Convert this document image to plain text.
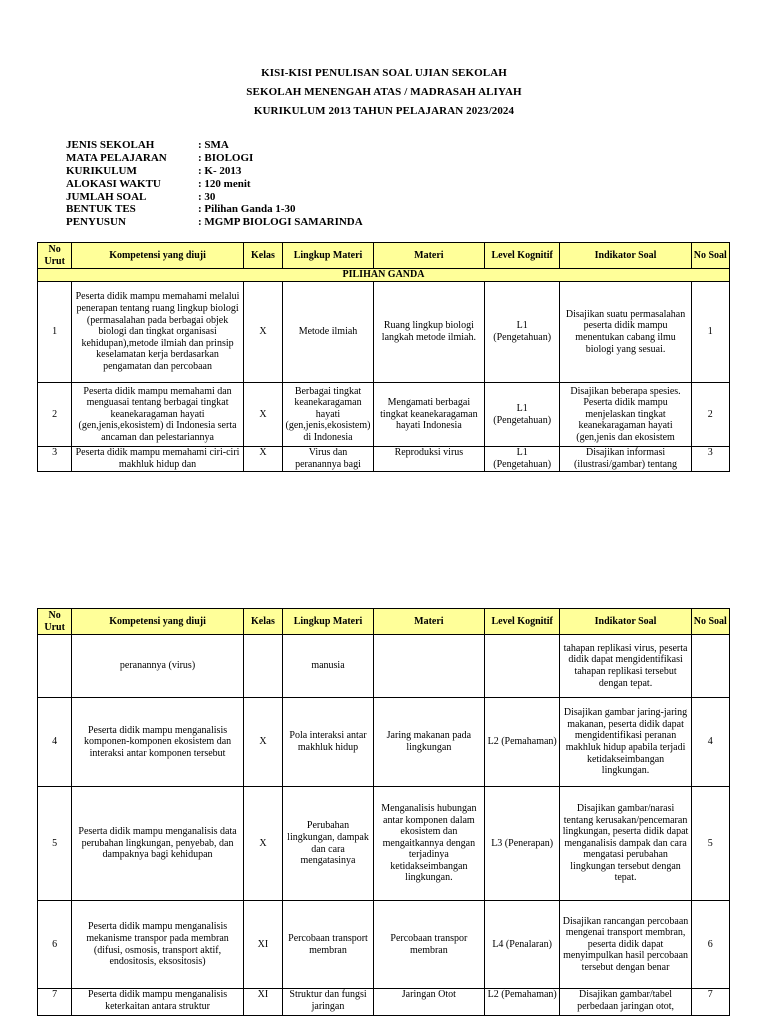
KISI-KISI PENULISAN SOAL UJIAN SEKOLAH
SEKOLAH MENENGAH ATAS / MADRASAH ALIYAH
KURIKULUM 2013 TAHUN PELAJARAN 2023/2024
JENIS SEKOLAH	: SMA
MATA PELAJARAN	: BIOLOGI
KURIKULUM	: K- 2013
ALOKASI WAKTU	: 120 menit
JUMLAH SOAL	: 30
BENTUK TES	: Pilihan Ganda 1-30
PENYUSUN	: MGMP BIOLOGI SAMARINDA
No Urut	Kompetensi yang diuji	Kelas	Lingkup Materi	Materi	Level Kognitif	Indikator Soal	No Soal
PILIHAN GANDA							
1	Peserta didik mampu memahami melalui penerapan tentang ruang lingkup biologi (permasalahan pada berbagai objek biologi dan tingkat organisasi kehidupan),metode ilmiah dan prinsip keselamatan kerja berdasarkan pengamatan dan percobaan	X	Metode ilmiah	Ruang lingkup biologi langkah metode ilmiah.	L1 (Pengetahuan)	Disajikan suatu permasalahan peserta didik mampu menentukan cabang ilmu biologi yang sesuai.	1
2	Peserta didik mampu memahami dan menguasai tentang berbagai tingkat keanekaragaman hayati (gen,jenis,ekosistem) di Indonesia serta ancaman dan pelestariannya	X	Berbagai tingkat keanekaragaman hayati (gen,jenis,ekosistem) di Indonesia	Mengamati berbagai tingkat keanekaragaman hayati Indonesia	L1 (Pengetahuan)	Disajikan beberapa spesies. Peserta didik mampu menjelaskan tingkat keanekaragaman hayati (gen,jenis dan ekosistem	2
3	Peserta didik mampu memahami ciri-ciri makhluk hidup dan	X	Virus dan peranannya bagi	Reproduksi virus	L1 (Pengetahuan)	Disajikan informasi (ilustrasi/gambar) tentang	3
No Urut	Kompetensi yang diuji	Kelas	Lingkup Materi	Materi	Level Kognitif	Indikator Soal	No Soal
	peranannya (virus)		manusia			tahapan replikasi virus, peserta didik dapat mengidentifikasi tahapan replikasi tersebut dengan tepat.	
4	Peserta didik mampu menganalisis komponen-komponen ekosistem dan interaksi antar komponen tersebut	X	Pola interaksi antar makhluk hidup	Jaring makanan pada lingkungan	L2 (Pemahaman)	Disajikan gambar jaring-jaring makanan, peserta didik dapat mengidentifikasi peranan makhluk hidup apabila terjadi ketidakseimbangan lingkungan.	4
5	Peserta didik mampu menganalisis data perubahan lingkungan, penyebab, dan dampaknya bagi kehidupan	X	Perubahan lingkungan, dampak dan cara mengatasinya	Menganalisis hubungan antar komponen dalam ekosistem dan mengaitkannya dengan terjadinya ketidakseimbangan lingkungan.	L3 (Penerapan)	Disajikan gambar/narasi tentang kerusakan/pencemaran lingkungan, peserta didik dapat menganalisis dampak dan cara mengatasi perubahan lingkungan tersebut dengan tepat.	5
6	Peserta didik mampu menganalisis mekanisme transpor pada membran (difusi, osmosis, transport aktif, endositosis, eksositosis)	XI	Percobaan transport membran	Percobaan transpor membran	L4 (Penalaran)	Disajikan rancangan percobaan mengenai transport membran, peserta didik dapat menyimpulkan hasil percobaan tersebut dengan benar	6
7	Peserta didik mampu menganalisis keterkaitan antara struktur	XI	Struktur dan fungsi jaringan	Jaringan Otot	L2 (Pemahaman)	Disajikan gambar/tabel perbedaan jaringan otot,	7
